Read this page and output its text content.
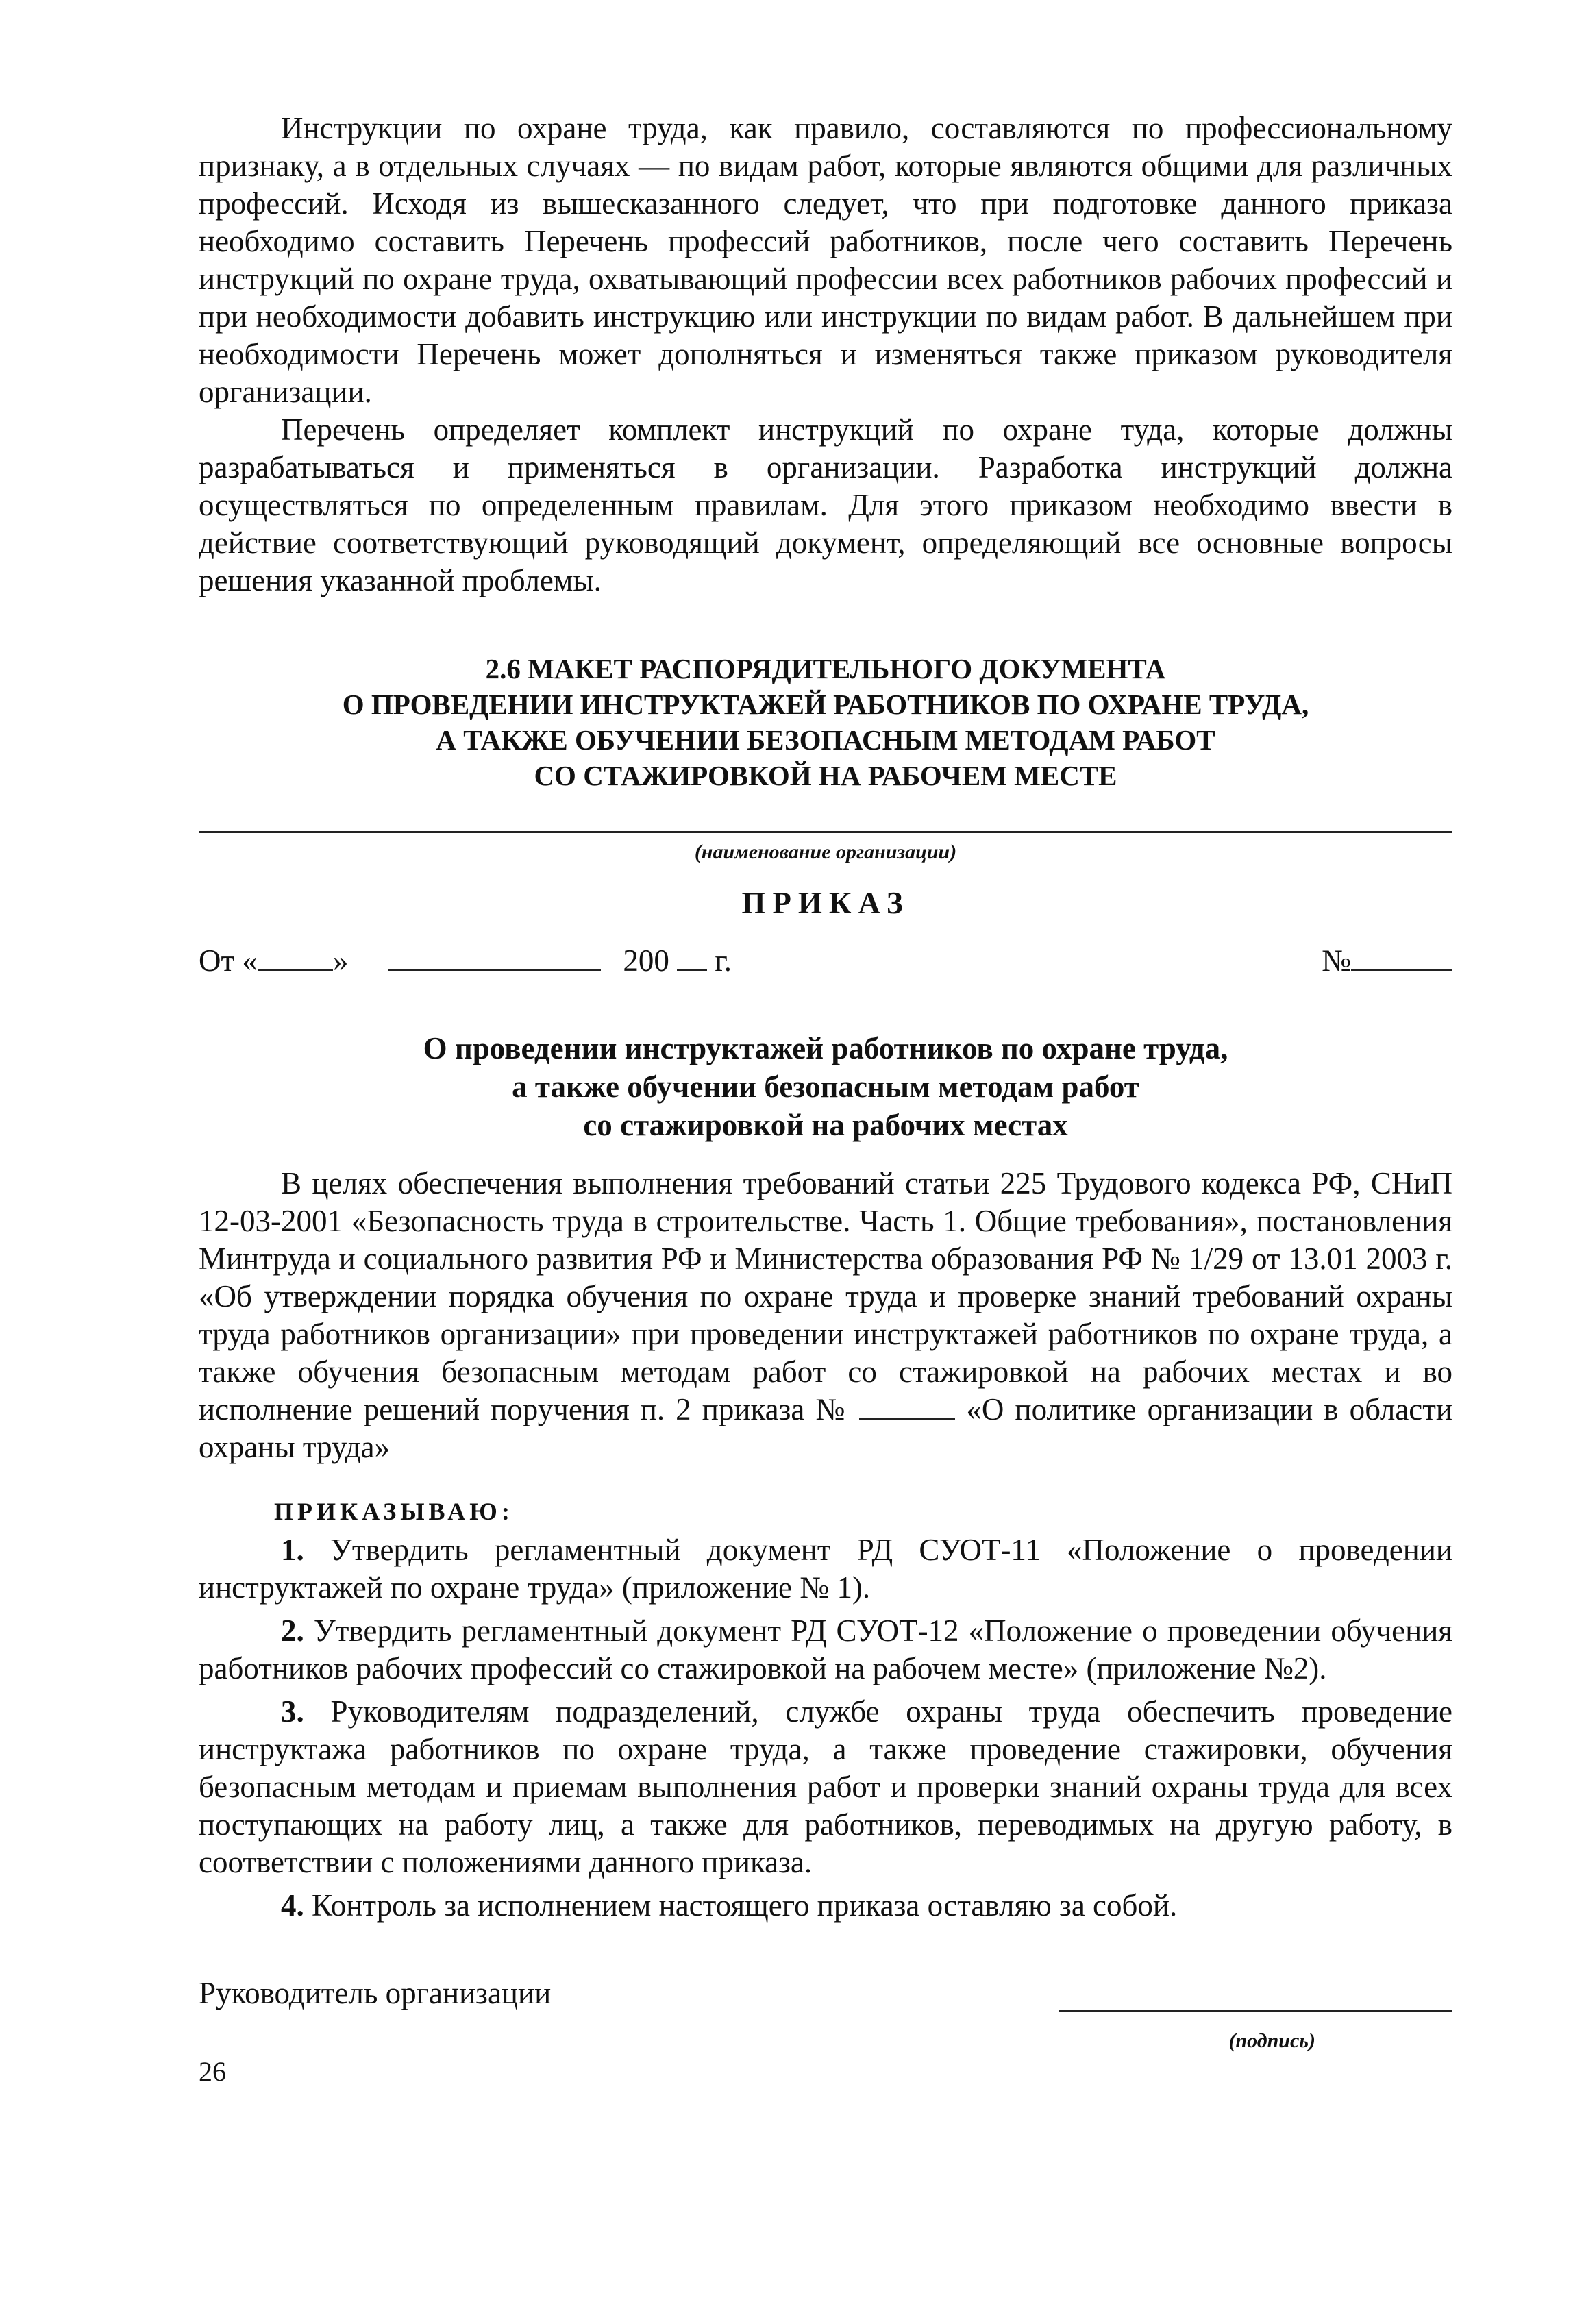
Инструкции по охране труда, как правило, составляются по профессиональному признаку, а в отдельных случаях — по видам работ, которые являются общими для различных профессий. Исходя из вышесказанного следует, что при подготовке данного приказа необходимо составить Перечень профессий работников, после чего составить Перечень инструкций по охране труда, охватывающий профессии всех работников рабочих профессий и при необходимости добавить инструкцию или инструкции по видам работ. В дальнейшем при необходимости Перечень может дополняться и изменяться также приказом руководителя организации.

Перечень определяет комплект инструкций пo охране туда, которые должны разрабатываться и применяться в организации. Разработка инструкций должна осуществляться по определенным правилам. Для этого приказом необходимо ввести в действие соответствующий руководящий документ, определяющий все основные вопросы решения указанной проблемы.

2.6 МАКЕТ РАСПОРЯДИТЕЛЬНОГО ДОКУМЕНТА
О ПРОВЕДЕНИИ ИНСТРУКТАЖЕЙ РАБОТНИКОВ ПО ОХРАНЕ ТРУДА,
А ТАКЖЕ ОБУЧЕНИИ БЕЗОПАСНЫМ МЕТОДАМ РАБОТ
СО СТАЖИРОВКОЙ НА РАБОЧЕМ МЕСТЕ
(наименование организации)
ПРИКАЗ
От « »	200 г.	№
О проведении инструктажей работников по охране труда,
а также обучении безопасным методам работ
со стажировкой на рабочих местах

В целях обеспечения выполнения требований статьи 225 Трудового кодекса РФ, СНиП 12-03-2001 «Безопасность труда в строительстве. Часть 1. Общие требования», постановления Минтруда и социального развития РФ и Министерства образования РФ № 1/29 от 13.01 2003 г. «Об утверждении порядка обучения по охране труда и проверке знаний требований охраны труда работников организации» при проведении инструктажей работников по охране труда, а также обучения безопасным методам работ со стажировкой на рабочих местах и во исполнение решений поручения п. 2 приказа №	«О политике организации в области охраны труда»

ПРИКАЗЫВАЮ:

1. Утвердить регламентный документ РД СУОТ-11 «Положение о проведении инструктажей по охране труда» (приложение № 1).

2. Утвердить регламентный документ РД СУОТ-12 «Положение о проведении обучения работников рабочих профессий со стажировкой на рабочем месте» (приложение №2).

3. Руководителям подразделений, службе охраны труда обеспечить проведение инструктажа работников по охране труда, а также проведение стажировки, обучения безопасным методам и приемам выполнения работ и проверки знаний охраны труда для всех поступающих на работу лиц, а также для работников, переводимых на другую работу, в соответствии с положениями данного приказа.

4. Контроль за исполнением настоящего приказа оставляю за собой.

Руководитель организации
(подпись)
26
